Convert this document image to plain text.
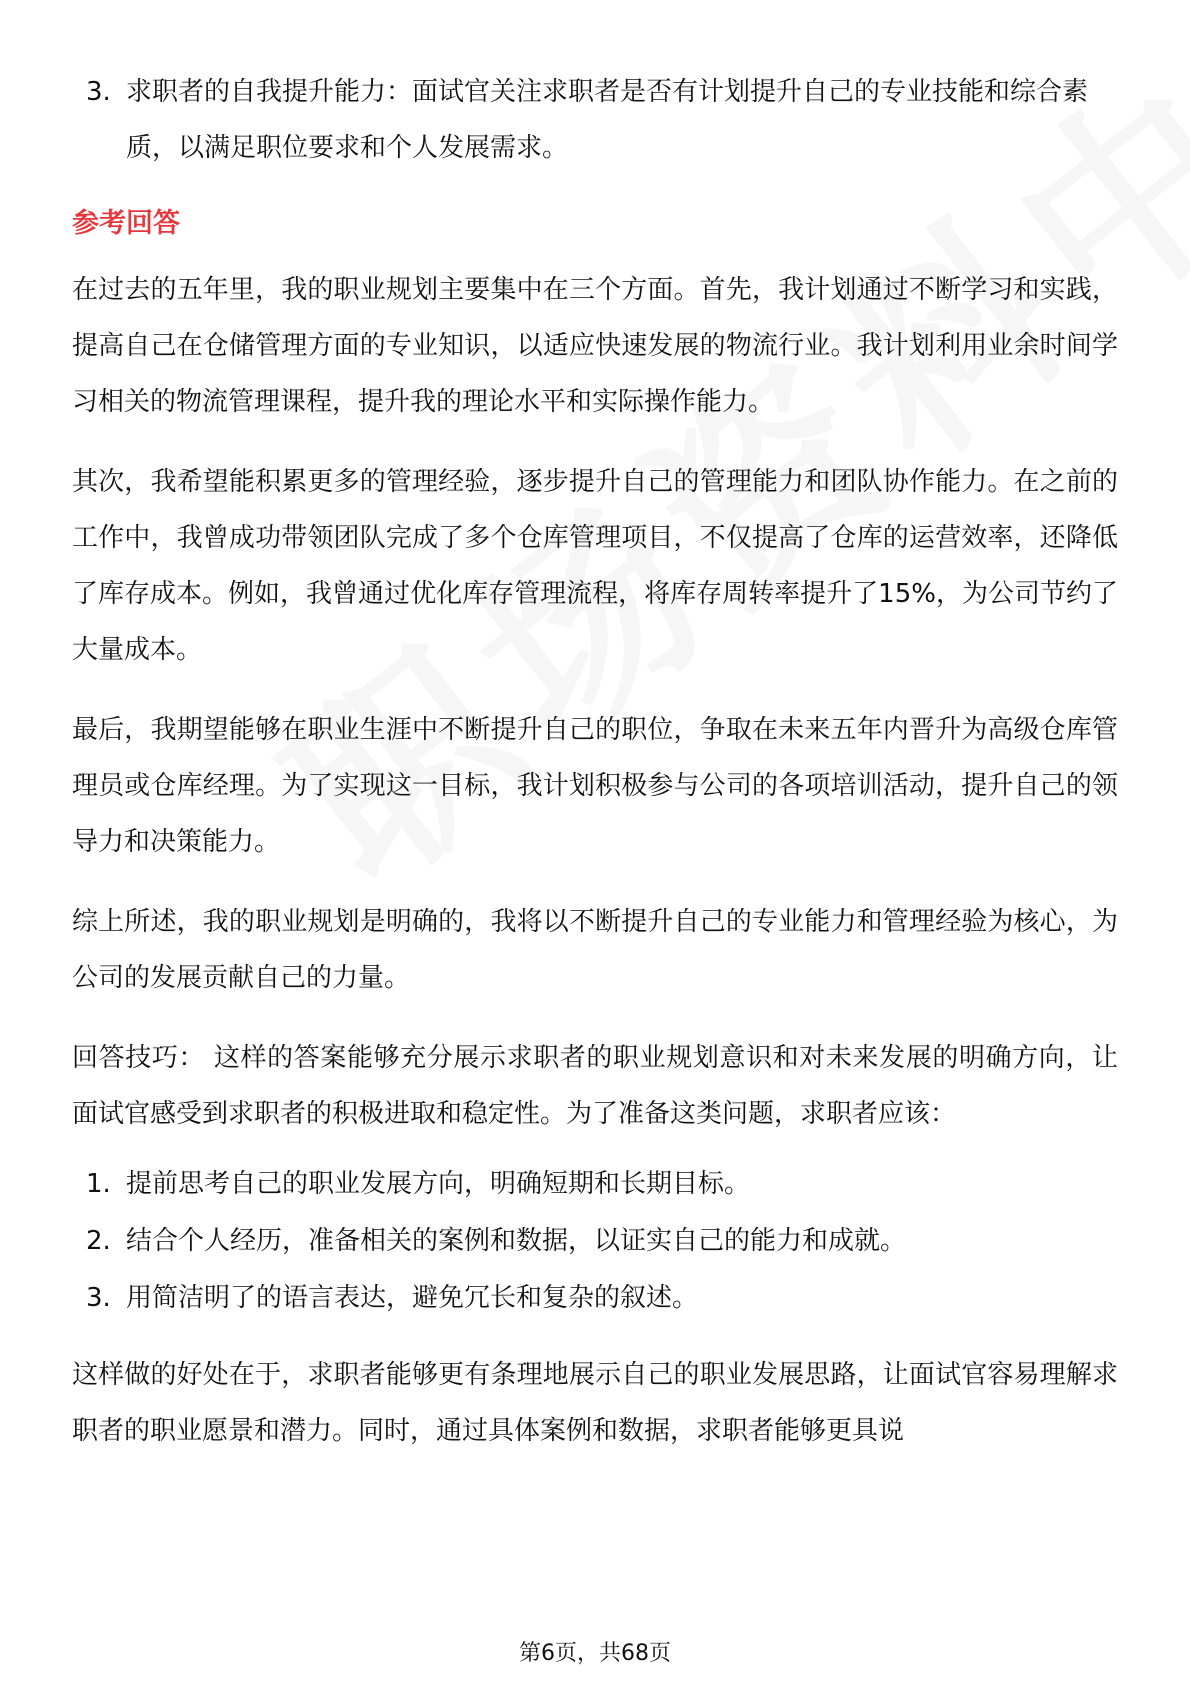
3. 求职者的自我提升能力：面试官关注求职者是否有计划提升自己的专业技能和综合素质，以满足职位要求和个人发展需求。
参考回答

在过去的五年里，我的职业规划主要集中在三个方面。首先，我计划通过不断学习和实践，提高自己在仓储管理方面的专业知识，以适应快速发展的物流行业。我计划利用业余时间学习相关的物流管理课程，提升我的理论水平和实际操作能力。

其次，我希望能积累更多的管理经验，逐步提升自己的管理能力和团队协作能力。在之前的工作中，我曾成功带领团队完成了多个仓库管理项目，不仅提高了仓库的运营效率，还降低了库存成本。例如，我曾通过优化库存管理流程，将库存周转率提升了15%，为公司节约了大量成本。

最后，我期望能够在职业生涯中不断提升自己的职位，争取在未来五年内晋升为高级仓库管理员或仓库经理。为了实现这一目标，我计划积极参与公司的各项培训活动，提升自己的领导力和决策能力。

综上所述，我的职业规划是明确的，我将以不断提升自己的专业能力和管理经验为核心，为公司的发展贡献自己的力量。

回答技巧： 这样的答案能够充分展示求职者的职业规划意识和对未来发展的明确方向，让面试官感受到求职者的积极进取和稳定性。为了准备这类问题，求职者应该：

1. 提前思考自己的职业发展方向，明确短期和长期目标。
2. 结合个人经历，准备相关的案例和数据，以证实自己的能力和成就。
3. 用简洁明了的语言表达，避免冗长和复杂的叙述。

这样做的好处在于，求职者能够更有条理地展示自己的职业发展思路，让面试官容易理解求职者的职业愿景和潜力。同时，通过具体案例和数据，求职者能够更具说

第6页，共68页
